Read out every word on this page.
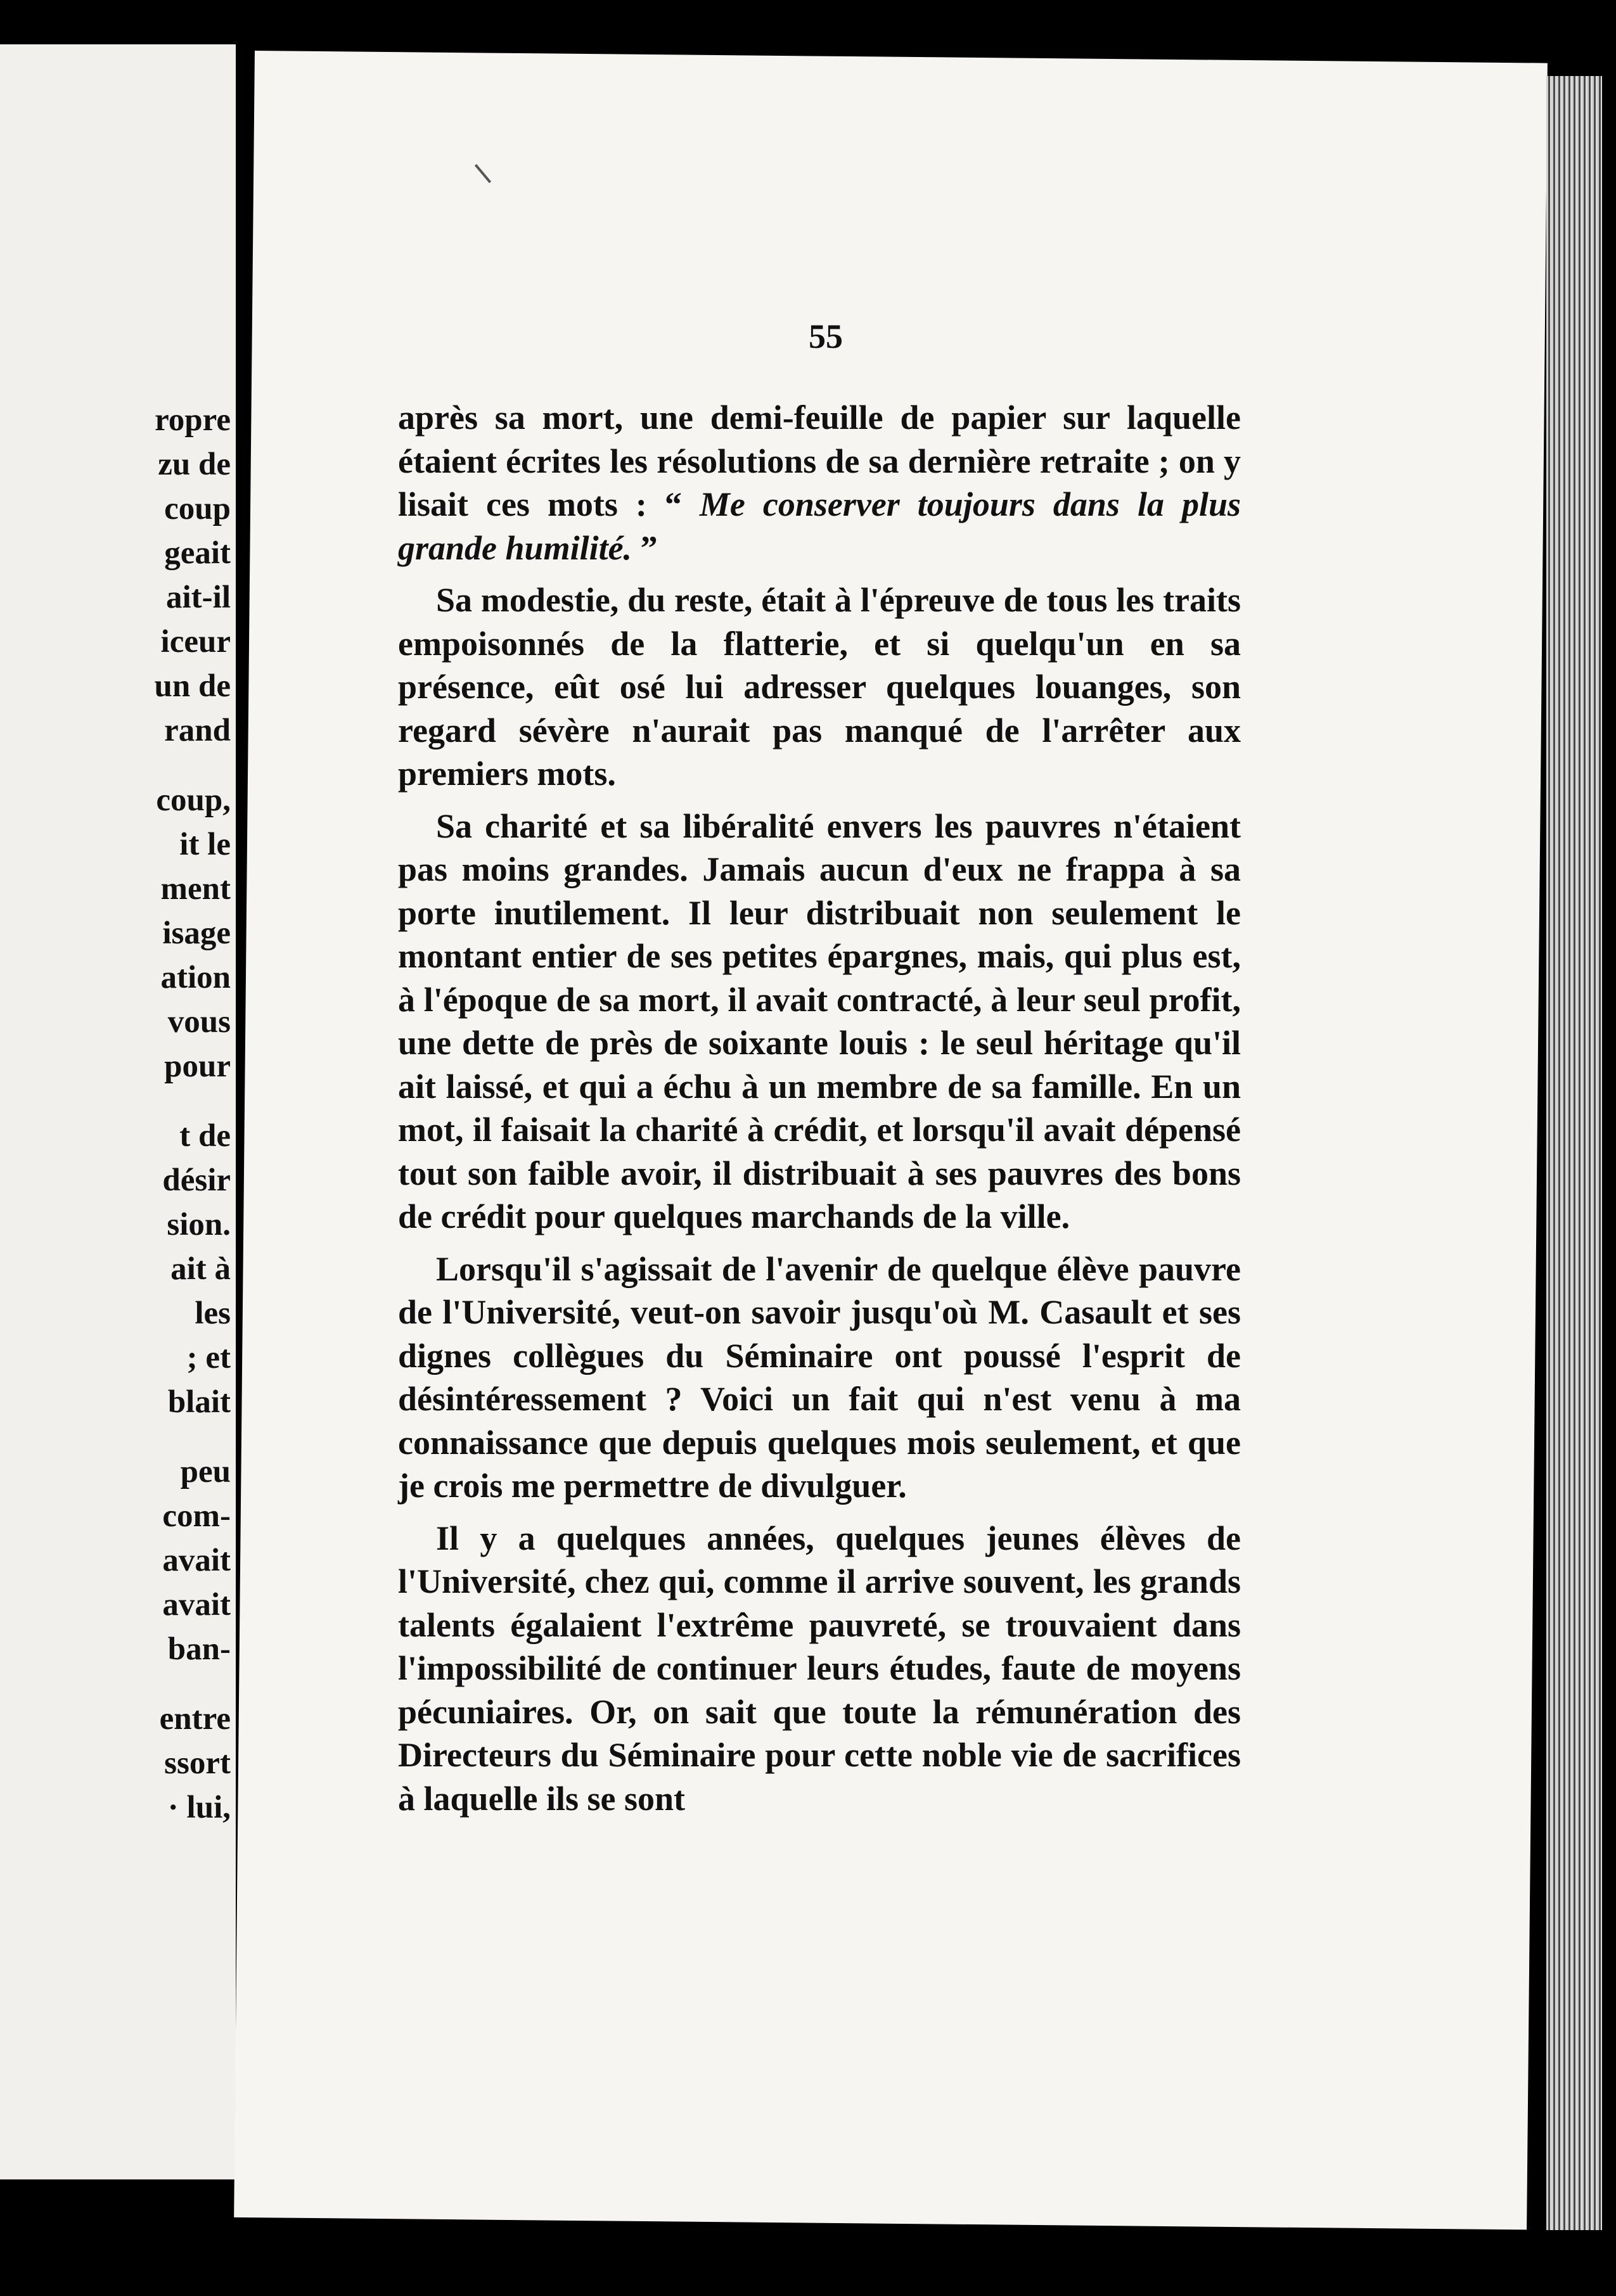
ropre
zu de
coup
geait
ait-il
iceur
un de
rand
coup,
it le
ment
isage
ation
vous
pour
t de
désir
sion.
ait à
les
; et
blait
peu
com-
avait
avait
ban-
entre
ssort
· lui,
55

après sa mort, une demi-feuille de papier sur laquelle étaient écrites les résolutions de sa dernière retraite ; on y lisait ces mots : “ Me conserver toujours dans la plus grande humilité. ”

Sa modestie, du reste, était à l'épreuve de tous les traits empoisonnés de la flatterie, et si quelqu'un en sa présence, eût osé lui adresser quelques louanges, son regard sévère n'aurait pas manqué de l'arrêter aux premiers mots.

Sa charité et sa libéralité envers les pauvres n'étaient pas moins grandes. Jamais aucun d'eux ne frappa à sa porte inutilement. Il leur distribuait non seulement le montant entier de ses petites épargnes, mais, qui plus est, à l'époque de sa mort, il avait contracté, à leur seul profit, une dette de près de soixante louis : le seul héritage qu'il ait laissé, et qui a échu à un membre de sa famille. En un mot, il faisait la charité à crédit, et lorsqu'il avait dépensé tout son faible avoir, il distribuait à ses pauvres des bons de crédit pour quelques marchands de la ville.

Lorsqu'il s'agissait de l'avenir de quelque élève pauvre de l'Université, veut-on savoir jusqu'où M. Casault et ses dignes collègues du Séminaire ont poussé l'esprit de désintéressement ? Voici un fait qui n'est venu à ma connaissance que depuis quelques mois seulement, et que je crois me permettre de divulguer.

Il y a quelques années, quelques jeunes élèves de l'Université, chez qui, comme il arrive souvent, les grands talents égalaient l'extrême pauvreté, se trouvaient dans l'impossibilité de continuer leurs études, faute de moyens pécuniaires. Or, on sait que toute la rémunération des Directeurs du Séminaire pour cette noble vie de sacrifices à laquelle ils se sont
